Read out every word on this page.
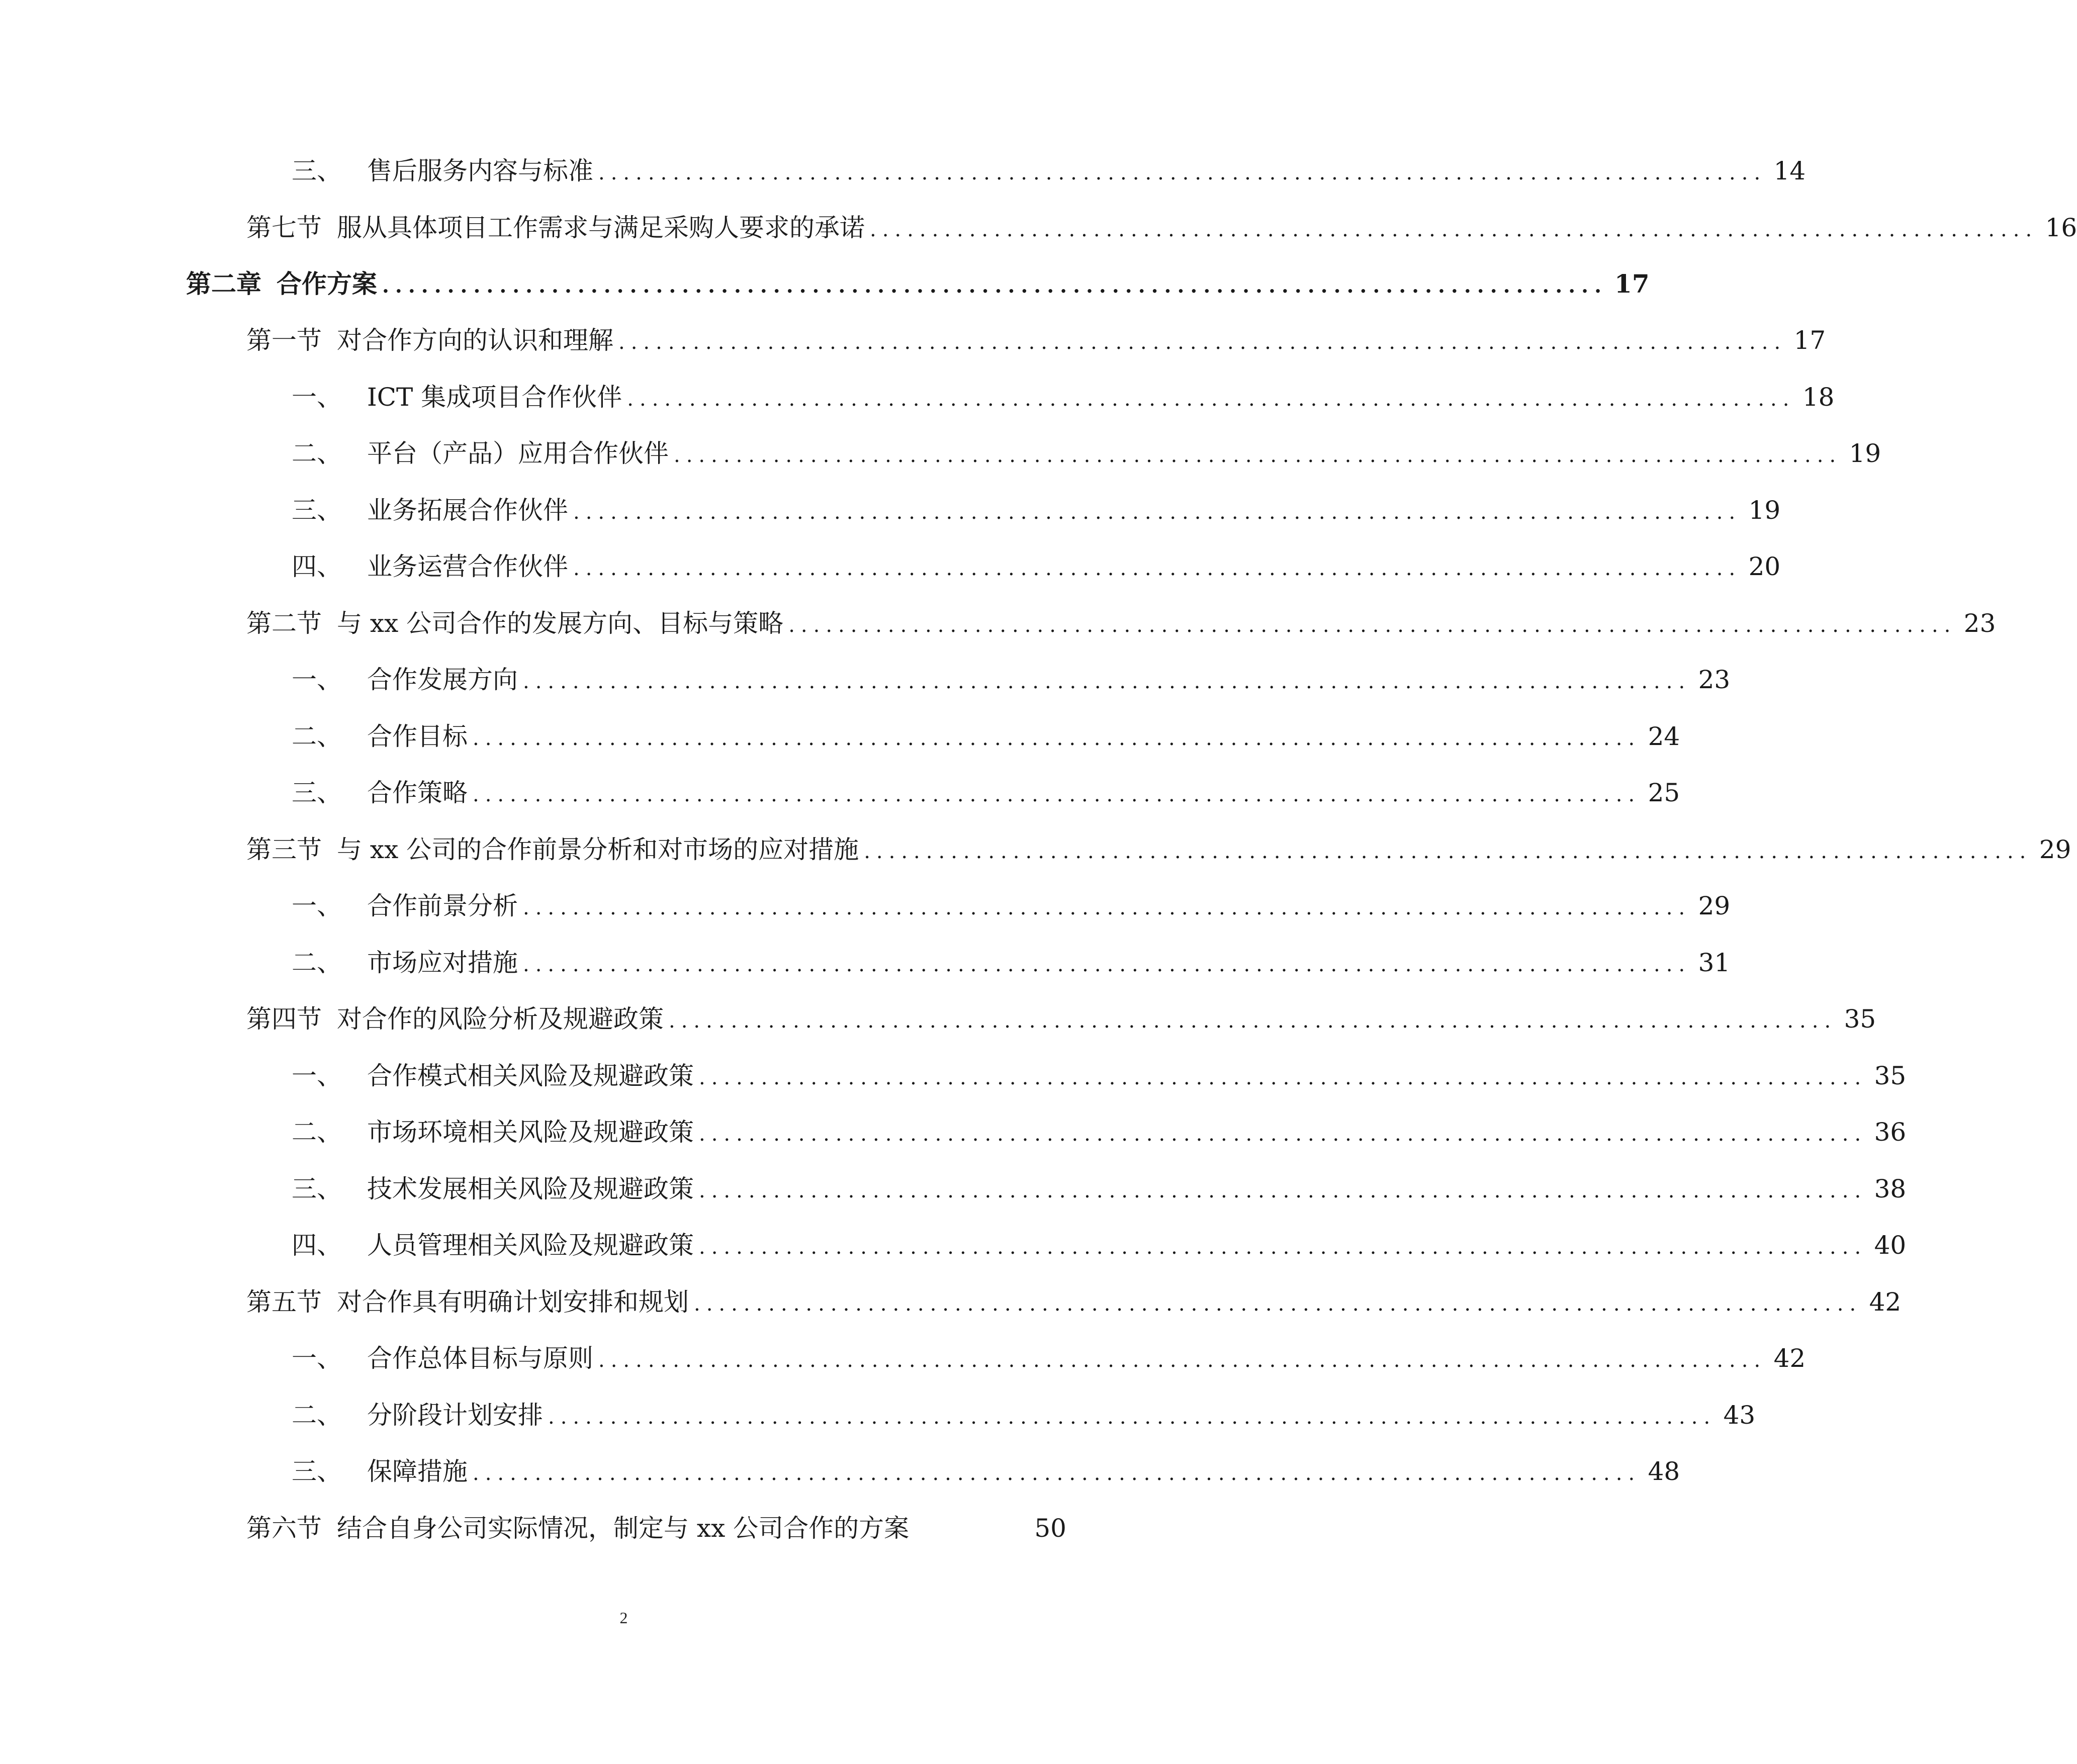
三、	售后服务内容与标准 .............................................................................................. 14
第七节 服从具体项目工作需求与满足采购人要求的承诺 .............................................................................................. 16
第二章 合作方案 .............................................................................................. 17
第一节 对合作方向的认识和理解 .............................................................................................. 17
一、	ICT 集成项目合作伙伴 .............................................................................................. 18
二、	平台（产品）应用合作伙伴 .............................................................................................. 19
三、	业务拓展合作伙伴 .............................................................................................. 19
四、	业务运营合作伙伴 .............................................................................................. 20
第二节 与 xx 公司合作的发展方向、目标与策略 .............................................................................................. 23
一、	合作发展方向 .............................................................................................. 23
二、	合作目标 .............................................................................................. 24
三、	合作策略 .............................................................................................. 25
第三节 与 xx 公司的合作前景分析和对市场的应对措施 .............................................................................................. 29
一、	合作前景分析 .............................................................................................. 29
二、	市场应对措施 .............................................................................................. 31
第四节 对合作的风险分析及规避政策 .............................................................................................. 35
一、	合作模式相关风险及规避政策 .............................................................................................. 35
二、	市场环境相关风险及规避政策 .............................................................................................. 36
三、	技术发展相关风险及规避政策 .............................................................................................. 38
四、	人员管理相关风险及规避政策 .............................................................................................. 40
第五节 对合作具有明确计划安排和规划 .............................................................................................. 42
一、	合作总体目标与原则 .............................................................................................. 42
二、	分阶段计划安排 .............................................................................................. 43
三、	保障措施 .............................................................................................. 48
第六节 结合自身公司实际情况，制定与 xx 公司合作的方案	50
2
